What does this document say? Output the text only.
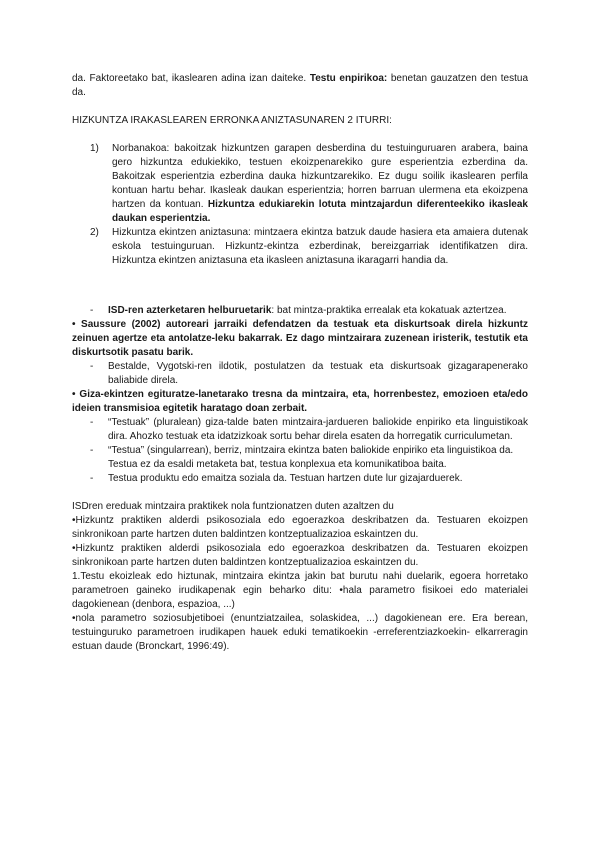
da. Faktoreetako bat, ikaslearen adina izan daiteke. Testu enpirikoa: benetan gauzatzen den testua da.

HIZKUNTZA IRAKASLEAREN ERRONKA ANIZTASUNAREN 2 ITURRI:

1)	Norbanakoa: bakoitzak hizkuntzen garapen desberdina du testuinguruaren arabera, baina gero hizkuntza edukiekiko, testuen ekoizpenarekiko gure esperientzia ezberdina da. Bakoitzak esperientzia ezberdina dauka hizkuntzarekiko. Ez dugu soilik ikaslearen perfila kontuan hartu behar. Ikasleak daukan esperientzia; horren barruan ulermena eta ekoizpena hartzen da kontuan. Hizkuntza edukiarekin lotuta mintzajardun diferenteekiko ikasleak daukan esperientzia.

2)	Hizkuntza ekintzen aniztasuna: mintzaera ekintza batzuk daude hasiera eta amaiera dutenak eskola testuinguruan. Hizkuntz-ekintza ezberdinak, bereizgarriak identifikatzen dira. Hizkuntza ekintzen aniztasuna eta ikasleen aniztasuna ikaragarri handia da.

-	ISD-ren azterketaren helburuetarik: bat mintza-praktika errealak eta kokatuak aztertzea.

• Saussure (2002) autoreari jarraiki defendatzen da testuak eta diskurtsoak direla hizkuntz zeinuen agertze eta antolatze-leku bakarrak. Ez dago mintzairara zuzenean iristerik, testutik eta diskurtsotik pasatu barik.

-	Bestalde, Vygotski-ren ildotik, postulatzen da testuak eta diskurtsoak gizagarapenerako baliabide direla.

• Giza-ekintzen egituratze-lanetarako tresna da mintzaira, eta, horrenbestez, emozioen eta/edo ideien transmisioa egitetik haratago doan zerbait.

-	“Testuak” (pluralean) giza-talde baten mintzaira-jardueren baliokide enpiriko eta linguistikoak dira. Ahozko testuak eta idatzizkoak sortu behar direla esaten da horregatik curriculumetan.

-	“Testua” (singularrean), berriz, mintzaira ekintza baten baliokide enpiriko eta linguistikoa da. Testua ez da esaldi metaketa bat, testua konplexua eta komunikatiboa baita.

-	Testua produktu edo emaitza soziala da. Testuan hartzen dute lur gizajarduerek.

ISDren ereduak mintzaira praktikek nola funtzionatzen duten azaltzen du

•Hizkuntz praktiken alderdi psikosoziala edo egoerazkoa deskribatzen da. Testuaren ekoizpen sinkronikoan parte hartzen duten baldintzen kontzeptualizazioa eskaintzen du.

•Hizkuntz praktiken alderdi psikosoziala edo egoerazkoa deskribatzen da. Testuaren ekoizpen sinkronikoan parte hartzen duten baldintzen kontzeptualizazioa eskaintzen du.

1.Testu ekoizleak edo hiztunak, mintzaira ekintza jakin bat burutu nahi duelarik, egoera horretako parametroen gaineko irudikapenak egin beharko ditu: •hala parametro fisikoei edo materialei dagokienean (denbora, espazioa, ...)

•nola parametro soziosubjetiboei (enuntziatzailea, solaskidea, ...) dagokienean ere. Era berean, testuinguruko parametroen irudikapen hauek eduki tematikoekin -erreferentziazkoekin- elkarreragin estuan daude (Bronckart, 1996:49).
